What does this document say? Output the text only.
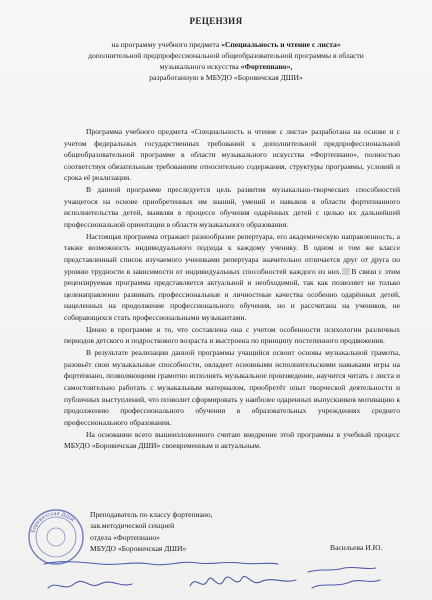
РЕЦЕНЗИЯ
на программу учебного предмета «Специальность и чтение с листа»
дополнительной предпрофессиональной общеобразовательной программы в области
музыкального искусства «Фортепиано»,
разработанную в МБУДО «Боровичская ДШИ»

Программа учебного предмета «Специальность и чтение с листа» разработана на основе и с учетом федеральных государственных требований к дополнительной предпрофессиональной общеобразовательной программе в области музыкального искусства «Фортепиано», полностью соответствуя обязательным требованиям относительно содержания, структуры программы, условий и срока её реализации.

В данной программе преследуется цель развития музыкально-творческих способностей учащегося на основе приобретенных им знаний, умений и навыков в области фортепианного исполнительства детей, выявляя в процессе обучения одарённых детей с целью их дальнейшей профессиональной ориентации в области музыкального образования.

Настоящая программа отражает разнообразие репертуара, его академическую направленность, а также возможность индивидуального подхода к каждому ученику. В одном и том же классе представленный список изучаемого учениками репертуара значительно отличается друг от друга по уровню трудности в зависимости от индивидуальных способностей каждого из них. В связи с этим рецензируемая программа представляется актуальной и необходимой, так как позволяет не только целенаправленно развивать профессиональные и личностные качества особенно одарённых детей, нацеленных на продолжение профессионального обучения, но и рассчитана на учеников, не собирающихся стать профессиональными музыкантами.

Ценно в программе и то, что составлена она с учетом особенности психологии различных периодов детского и подросткового возраста и выстроена по принципу постепенного продвижения.

В результате реализации данной программы учащийся освоит основы музыкальной грамоты, разовьёт свои музыкальные способности, овладеет основными исполнительскими навыками игры на фортепиано, позволяющими грамотно исполнять музыкальное произведение, научится читать с листа и самостоятельно работать с музыкальным материалом, приобретёт опыт творческой деятельности и публичных выступлений, что позволит сформировать у наиболее одаренных выпускников мотивацию к продолжению профессионального обучения в образовательных учреждениях среднего профессионального образования.

На основании всего вышеизложенного считаю внедрение этой программы в учебный процесс МБУДО «Боровичская ДШИ» своевременным и актуальным.

Боровичская ДШИ
Преподаватель по классу фортепиано,
зав.методической секцией
отдела «Фортепиано»
МБУДО «Боровичская ДШИ»	Васильева И.Ю.
